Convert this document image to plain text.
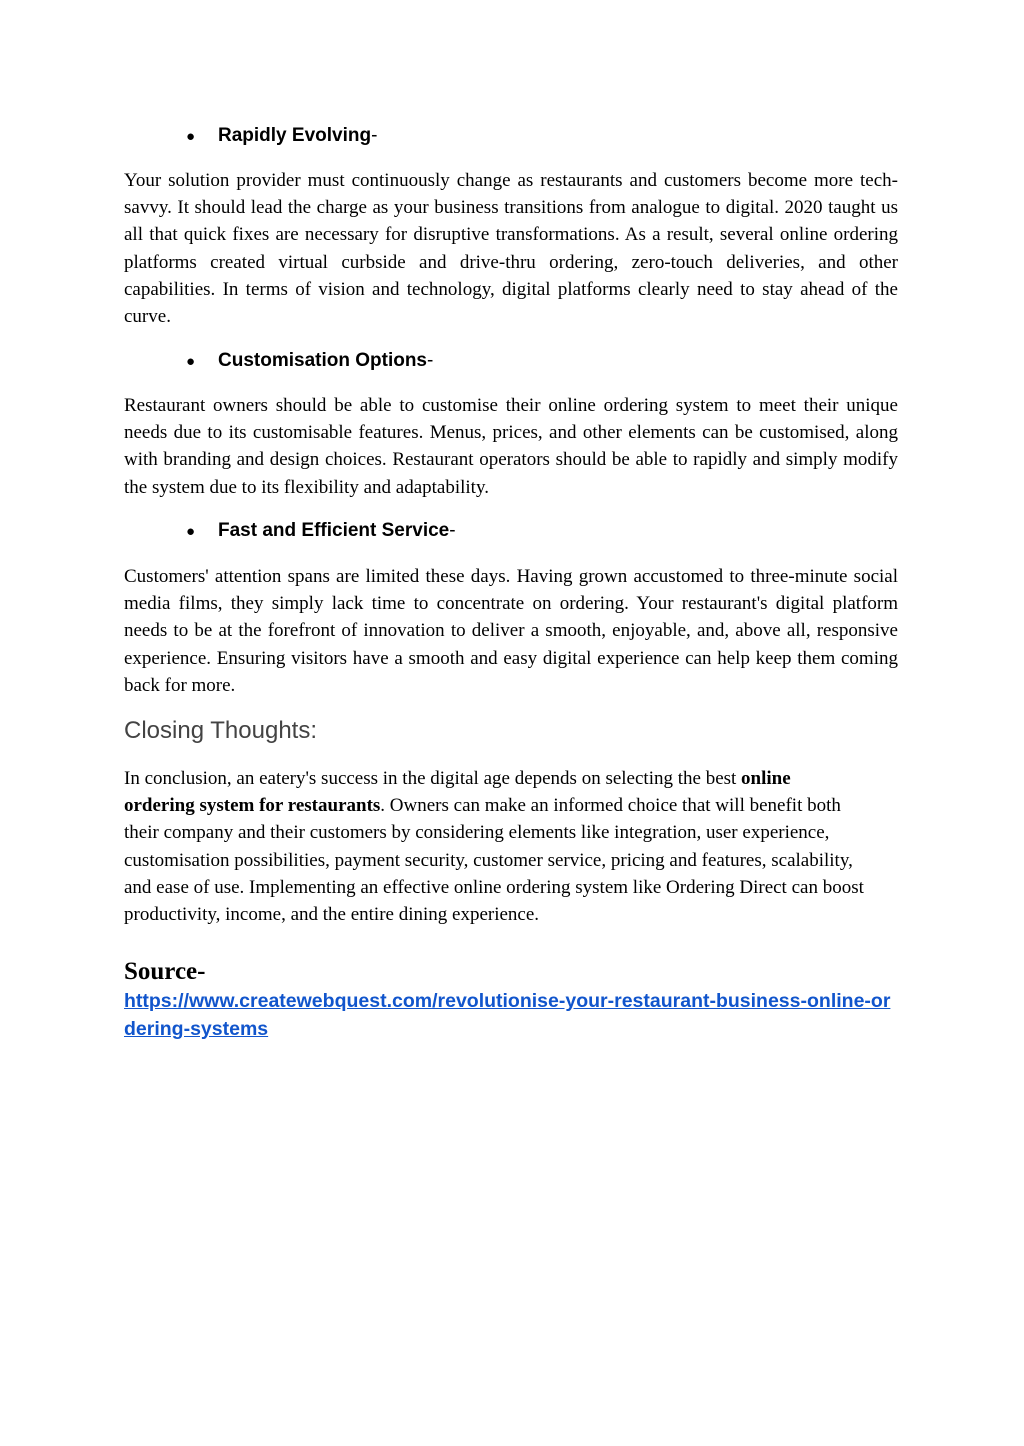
●	Rapidly Evolving -

Your solution provider must continuously change as restaurants and customers become more tech-savvy. It should lead the charge as your business transitions from analogue to digital. 2020 taught us all that quick fixes are necessary for disruptive transformations. As a result, several online ordering platforms created virtual curbside and drive-thru ordering, zero-touch deliveries, and other capabilities. In terms of vision and technology, digital platforms clearly need to stay ahead of the curve.

●	Customisation Options -

Restaurant owners should be able to customise their online ordering system to meet their unique needs due to its customisable features. Menus, prices, and other elements can be customised, along with branding and design choices. Restaurant operators should be able to rapidly and simply modify the system due to its flexibility and adaptability.

●	Fast and Efficient Service -

Customers' attention spans are limited these days. Having grown accustomed to three-minute social media films, they simply lack time to concentrate on ordering. Your restaurant's digital platform needs to be at the forefront of innovation to deliver a smooth, enjoyable, and, above all, responsive experience. Ensuring visitors have a smooth and easy digital experience can help keep them coming back for more.

Closing Thoughts:

In conclusion, an eatery's success in the digital age depends on selecting the best online ordering system for restaurants. Owners can make an informed choice that will benefit both their company and their customers by considering elements like integration, user experience, customisation possibilities, payment security, customer service, pricing and features, scalability, and ease of use. Implementing an effective online ordering system like Ordering Direct can boost productivity, income, and the entire dining experience.

Source-
https://www.createwebquest.com/revolutionise-your-restaurant-business-online-ordering-systems
